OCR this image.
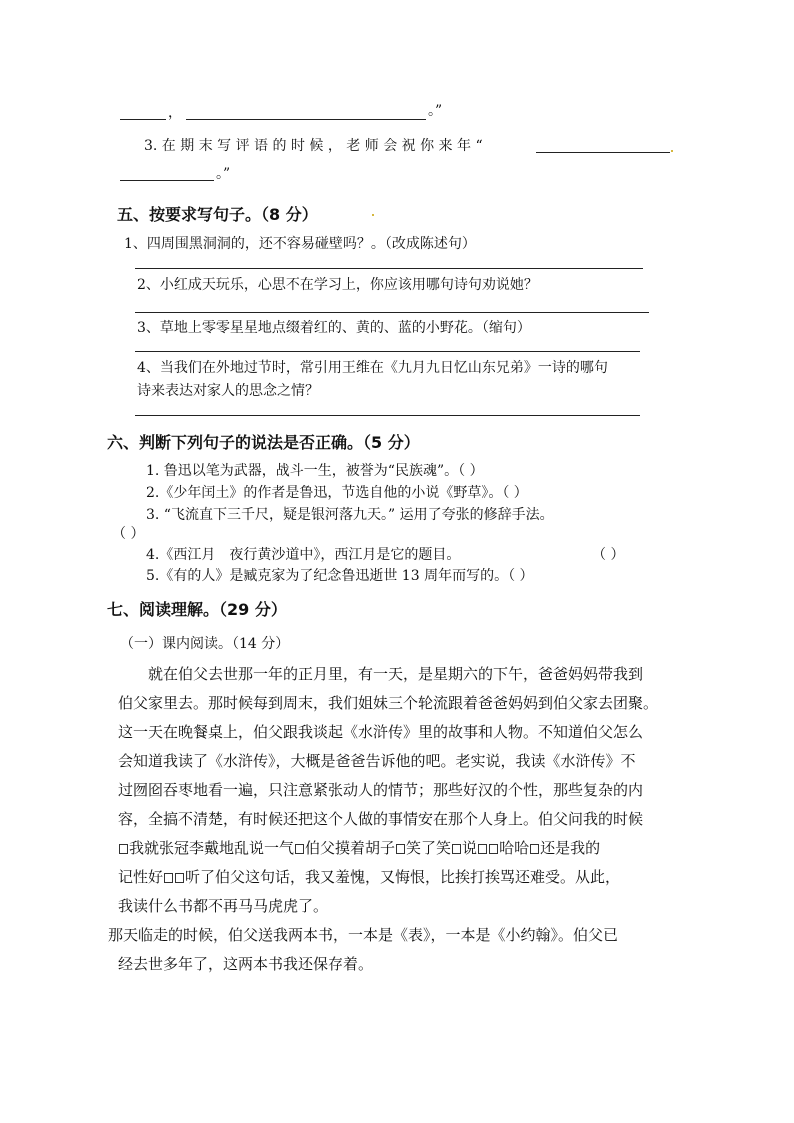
，	。”
3. 在 期 末 写 评 语 的 时 候 ， 老 师 会 祝 你 来 年 “
。”
五、按要求写句子。（8 分）
1、四周围黑洞洞的，还不容易碰壁吗？。（改成陈述句）
2、小红成天玩乐，心思不在学习上，你应该用哪句诗句劝说她？
3、草地上零零星星地点缀着红的、黄的、蓝的小野花。（缩句）
4、当我们在外地过节时，常引用王维在《九月九日忆山东兄弟》一诗的哪句
诗来表达对家人的思念之情？
六、判断下列句子的说法是否正确。（5 分）
1. 鲁迅以笔为武器，战斗一生，被誉为“民族魂”。（ ）
2.《少年闰土》的作者是鲁迅，节选自他的小说《野草》。（ ）
3. “飞流直下三千尺，疑是银河落九天。” 运用了夸张的修辞手法。
（ ）
4.《西江月　夜行黄沙道中》，西江月是它的题目。	（ ）
5.《有的人》是臧克家为了纪念鲁迅逝世 13 周年而写的。（ ）
七、阅读理解。（29 分）
（一）课内阅读。（14 分）
就在伯父去世那一年的正月里，有一天，是星期六的下午，爸爸妈妈带我到
伯父家里去。那时候每到周末，我们姐妹三个轮流跟着爸爸妈妈到伯父家去团聚。
这一天在晚餐桌上，伯父跟我谈起《水浒传》里的故事和人物。不知道伯父怎么
会知道我读了《水浒传》，大概是爸爸告诉他的吧。老实说，我读《水浒传》不
过囫囵吞枣地看一遍，只注意紧张动人的情节；那些好汉的个性，那些复杂的内
容，全搞不清楚，有时候还把这个人做的事情安在那个人身上。伯父问我的时候
我就张冠李戴地乱说一气 伯父摸着胡子 笑了笑 说 哈哈 还是我的
记性好 听了伯父这句话，我又羞愧，又悔恨，比挨打挨骂还难受。从此，
我读什么书都不再马马虎虎了。
那天临走的时候，伯父送我两本书，一本是《表》，一本是《小约翰》。伯父已
经去世多年了，这两本书我还保存着。
